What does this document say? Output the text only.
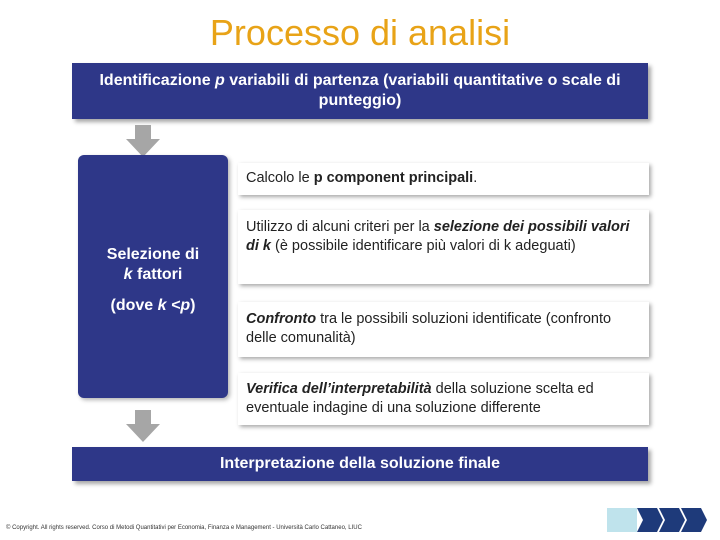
Processo di analisi
Identificazione p variabili di partenza (variabili quantitative o scale di punteggio)
Selezione di
k fattori
(dove k <p)
Calcolo le p component principali.
Utilizzo di alcuni criteri per la selezione dei possibili valori di k (è possibile identificare più valori di k adeguati)
Confronto tra le possibili soluzioni identificate (confronto delle comunalità)
Verifica dell’interpretabilità della soluzione scelta ed eventuale indagine di una soluzione differente
Interpretazione della soluzione finale
© Copyright. All rights reserved. Corso di Metodi Quantitativi per Economia, Finanza e Management - Università Carlo Cattaneo, LIUC
